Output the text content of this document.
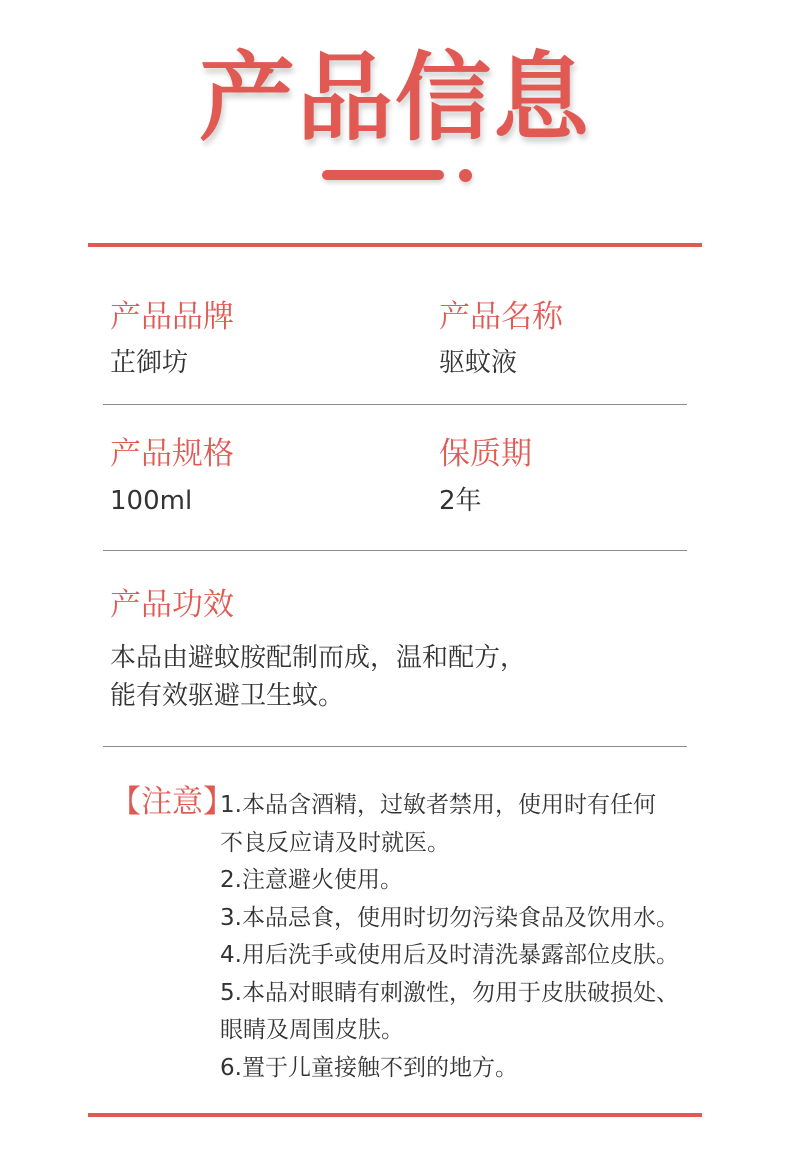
产品信息
产品品牌
芷御坊
产品名称
驱蚊液
产品规格
100ml
保质期
2年
产品功效
本品由避蚊胺配制而成，温和配方，
能有效驱避卫生蚊。
【注意】
1.本品含酒精，过敏者禁用，使用时有任何
不良反应请及时就医。
2.注意避火使用。
3.本品忌食，使用时切勿污染食品及饮用水。
4.用后洗手或使用后及时清洗暴露部位皮肤。
5.本品对眼睛有刺激性，勿用于皮肤破损处、
眼睛及周围皮肤。
6.置于儿童接触不到的地方。
